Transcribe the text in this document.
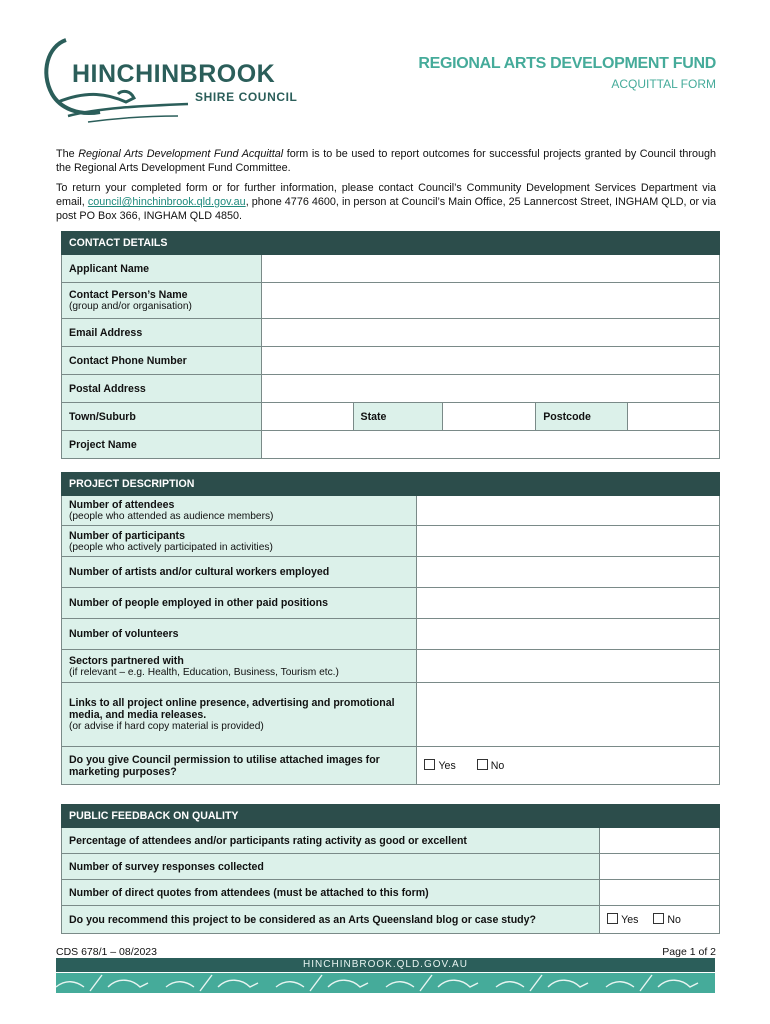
HINCHINBROOK
SHIRE COUNCIL
REGIONAL ARTS DEVELOPMENT FUND
ACQUITTAL FORM
The Regional Arts Development Fund Acquittal form is to be used to report outcomes for successful projects granted by Council through the Regional Arts Development Fund Committee.
To return your completed form or for further information, please contact Council’s Community Development Services Department via email, council@hinchinbrook.qld.gov.au, phone 4776 4600, in person at Council’s Main Office, 25 Lannercost Street, INGHAM QLD, or via post PO Box 366, INGHAM QLD 4850.
CONTACT DETAILS					
Applicant Name					
Contact Person’s Name
(group and/or organisation)					

Email Address					
Contact Phone Number					
Postal Address					
Town/Suburb		State		Postcode	
Project Name					
PROJECT DESCRIPTION	
Number of attendees
(people who attended as audience members)	

Number of participants
(people who actively participated in activities)	

Number of artists and/or cultural workers employed	
Number of people employed in other paid positions	
Number of volunteers	
Sectors partnered with
(if relevant – e.g. Health, Education, Business, Tourism etc.)	

Links to all project online presence, advertising and promotional media, and media releases.
(or advise if hard copy material is provided)	

Do you give Council permission to utilise attached images for marketing purposes?	Yes No
PUBLIC FEEDBACK ON QUALITY	
Percentage of attendees and/or participants rating activity as good or excellent	
Number of survey responses collected	
Number of direct quotes from attendees (must be attached to this form)	
Do you recommend this project to be considered as an Arts Queensland blog or case study?	Yes No
CDS 678/1 – 08/2023	Page 1 of 2
HINCHINBROOK.QLD.GOV.AU
